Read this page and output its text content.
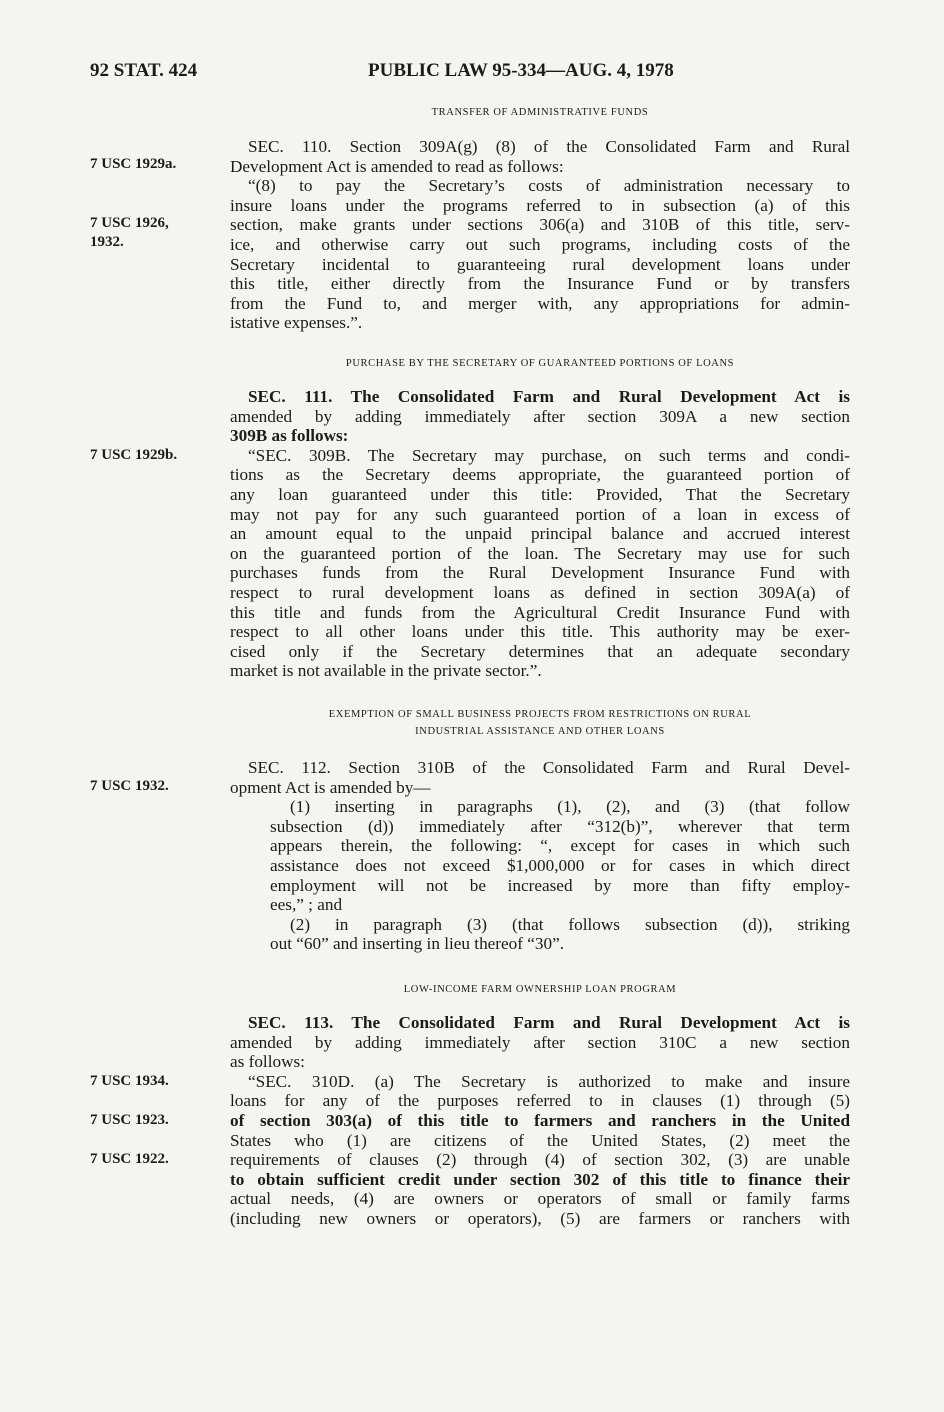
92 STAT. 424	PUBLIC LAW 95-334—AUG. 4, 1978
TRANSFER OF ADMINISTRATIVE FUNDS
SEC. 110. Section 309A(g) (8) of the Consolidated Farm and Rural
Development Act is amended to read as follows:
“(8) to pay the Secretary’s costs of administration necessary to
insure loans under the programs referred to in subsection (a) of this
section, make grants under sections 306(a) and 310B of this title, serv-
ice, and otherwise carry out such programs, including costs of the
Secretary incidental to guaranteeing rural development loans under
this title, either directly from the Insurance Fund or by transfers
from the Fund to, and merger with, any appropriations for admin-
istative expenses.”.
7 USC 1929a.
7 USC 1926,
1932.
PURCHASE BY THE SECRETARY OF GUARANTEED PORTIONS OF LOANS
SEC. 111. The Consolidated Farm and Rural Development Act is
amended by adding immediately after section 309A a new section
309B as follows:
“SEC. 309B. The Secretary may purchase, on such terms and condi-
tions as the Secretary deems appropriate, the guaranteed portion of
any loan guaranteed under this title: Provided, That the Secretary
may not pay for any such guaranteed portion of a loan in excess of
an amount equal to the unpaid principal balance and accrued interest
on the guaranteed portion of the loan. The Secretary may use for such
purchases funds from the Rural Development Insurance Fund with
respect to rural development loans as defined in section 309A(a) of
this title and funds from the Agricultural Credit Insurance Fund with
respect to all other loans under this title. This authority may be exer-
cised only if the Secretary determines that an adequate secondary
market is not available in the private sector.”.
7 USC 1929b.
EXEMPTION OF SMALL BUSINESS PROJECTS FROM RESTRICTIONS ON RURAL
INDUSTRIAL ASSISTANCE AND OTHER LOANS
SEC. 112. Section 310B of the Consolidated Farm and Rural Devel-
opment Act is amended by—
(1) inserting in paragraphs (1), (2), and (3) (that follow
subsection (d)) immediately after “312(b)”, wherever that term
appears therein, the following: “, except for cases in which such
assistance does not exceed $1,000,000 or for cases in which direct
employment will not be increased by more than fifty employ-
ees,” ; and
(2) in paragraph (3) (that follows subsection (d)), striking
out “60” and inserting in lieu thereof “30”.
7 USC 1932.
LOW-INCOME FARM OWNERSHIP LOAN PROGRAM
SEC. 113. The Consolidated Farm and Rural Development Act is
amended by adding immediately after section 310C a new section
as follows:
“SEC. 310D. (a) The Secretary is authorized to make and insure
loans for any of the purposes referred to in clauses (1) through (5)
of section 303(a) of this title to farmers and ranchers in the United
States who (1) are citizens of the United States, (2) meet the
requirements of clauses (2) through (4) of section 302, (3) are unable
to obtain sufficient credit under section 302 of this title to finance their
actual needs, (4) are owners or operators of small or family farms
(including new owners or operators), (5) are farmers or ranchers with
7 USC 1934.
7 USC 1923.
7 USC 1922.
